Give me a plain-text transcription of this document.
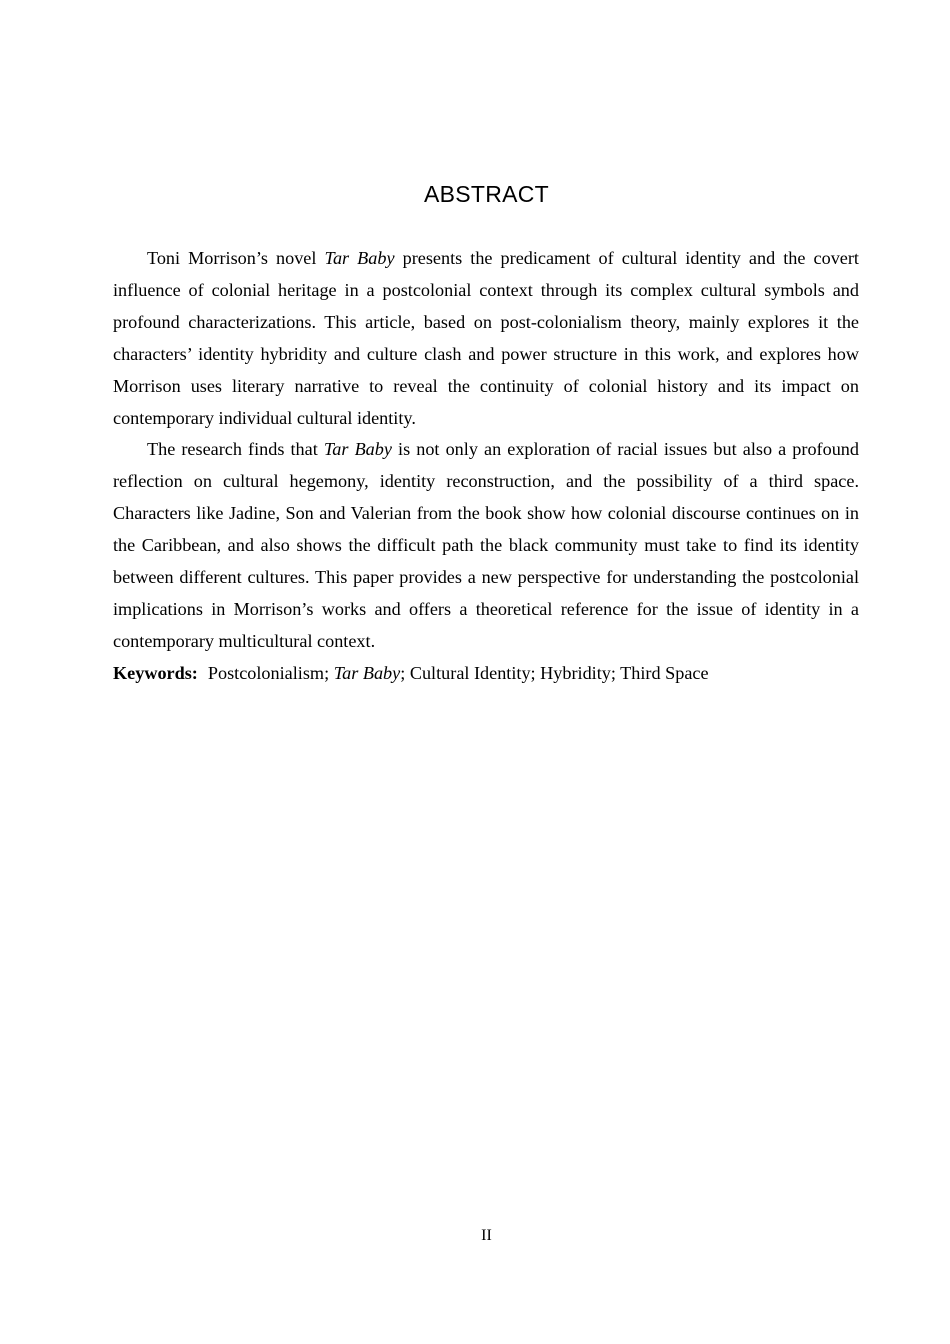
ABSTRACT

Toni Morrison’s novel Tar Baby presents the predicament of cultural identity and the covert influence of colonial heritage in a postcolonial context through its complex cultural symbols and profound characterizations. This article, based on post-colonialism theory, mainly explores it the characters’ identity hybridity and culture clash and power structure in this work, and explores how Morrison uses literary narrative to reveal the continuity of colonial history and its impact on contemporary individual cultural identity.

The research finds that Tar Baby is not only an exploration of racial issues but also a profound reflection on cultural hegemony, identity reconstruction, and the possibility of a third space. Characters like Jadine, Son and Valerian from the book show how colonial discourse continues on in the Caribbean, and also shows the difficult path the black community must take to find its identity between different cultures. This paper provides a new perspective for understanding the postcolonial implications in Morrison’s works and offers a theoretical reference for the issue of identity in a contemporary multicultural context.

Keywords: Postcolonialism; Tar Baby; Cultural Identity; Hybridity; Third Space

II
